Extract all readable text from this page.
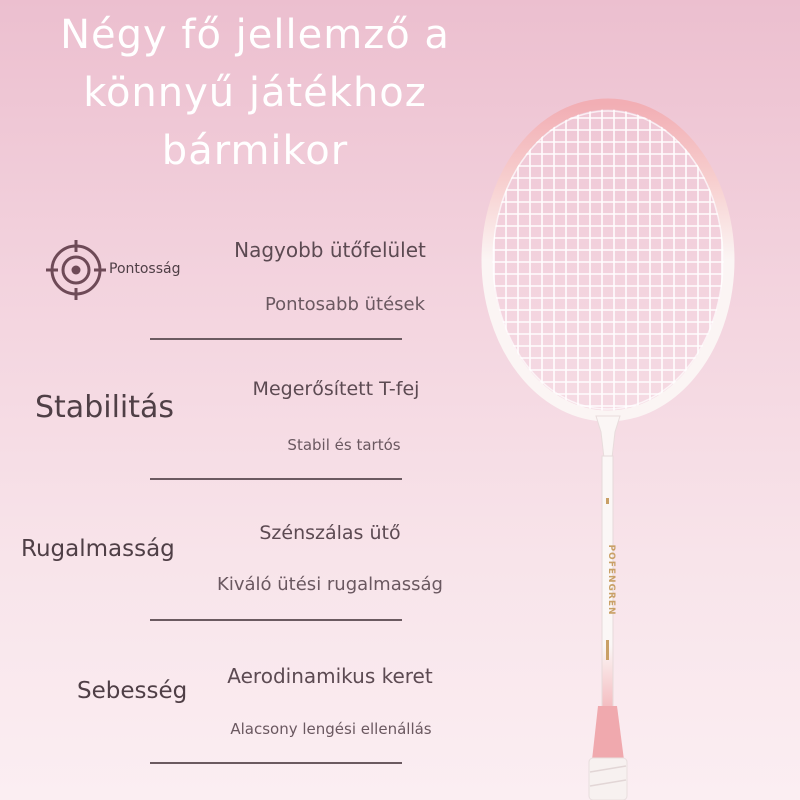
Négy fő jellemző a
könnyű játékhoz
bármikor
POFENGREN
Pontosság
Nagyobb ütőfelület
Pontosabb ütések
Stabilitás
Megerősített T-fej
Stabil és tartós
Rugalmasság
Szénszálas ütő
Kiváló ütési rugalmasság
Sebesség
Aerodinamikus keret
Alacsony lengési ellenállás
